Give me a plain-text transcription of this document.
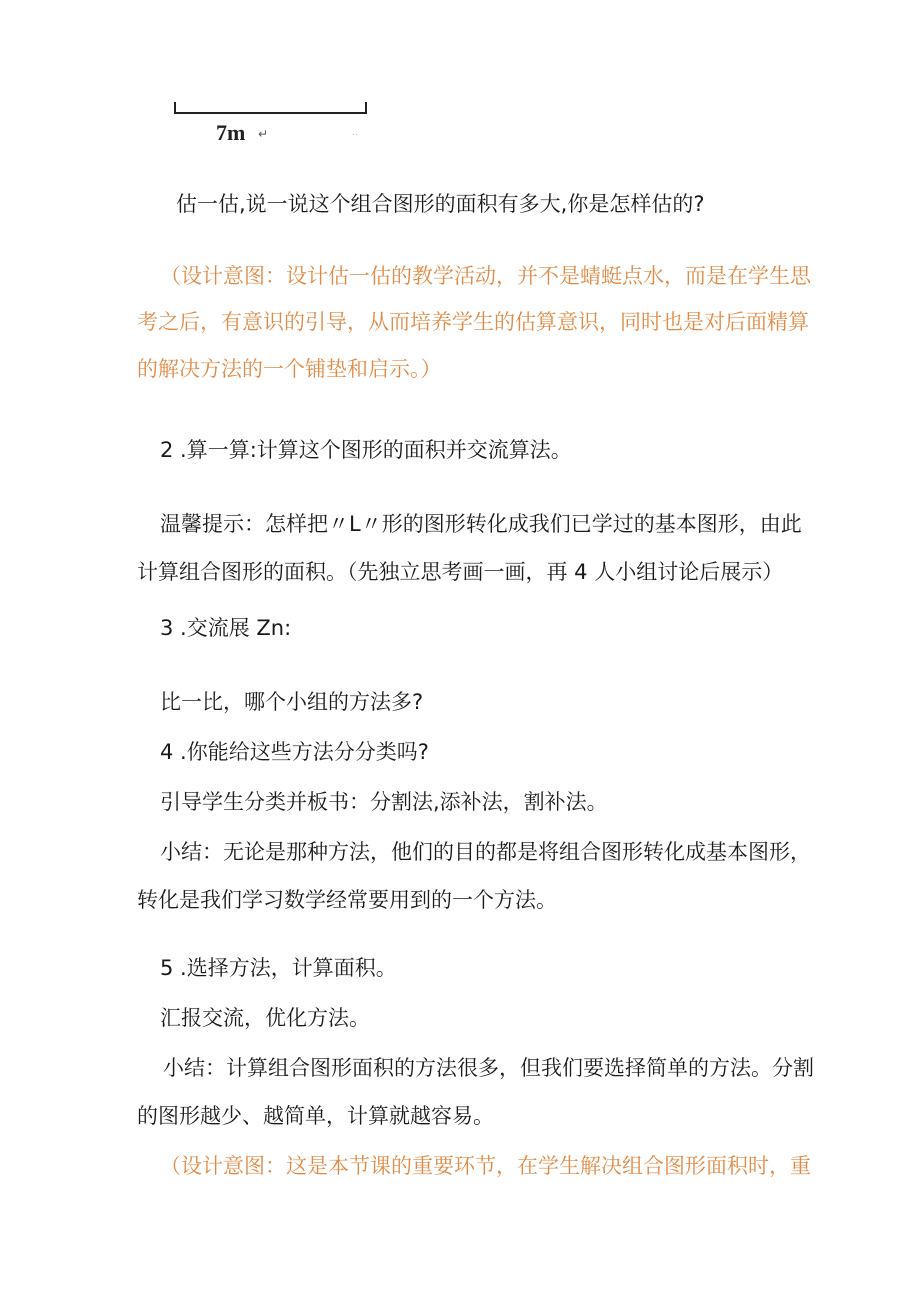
7m ↵	··
估一估,说一说这个组合图形的面积有多大,你是怎样估的?
（设计意图：设计估一估的教学活动，并不是蜻蜓点水，而是在学生思
考之后，有意识的引导，从而培养学生的估算意识，同时也是对后面精算
的解决方法的一个铺垫和启示。）
2 .算一算:计算这个图形的面积并交流算法。
温馨提示：怎样把〃L〃形的图形转化成我们已学过的基本图形，由此
计算组合图形的面积。（先独立思考画一画，再 4 人小组讨论后展示）
3 .交流展 Zn:
比一比，哪个小组的方法多?
4 .你能给这些方法分分类吗?
引导学生分类并板书：分割法,添补法，割补法。
小结：无论是那种方法，他们的目的都是将组合图形转化成基本图形，
转化是我们学习数学经常要用到的一个方法。
5 .选择方法，计算面积。
汇报交流，优化方法。
小结：计算组合图形面积的方法很多，但我们要选择简单的方法。分割
的图形越少、越简单，计算就越容易。
（设计意图：这是本节课的重要环节，在学生解决组合图形面积时，重
